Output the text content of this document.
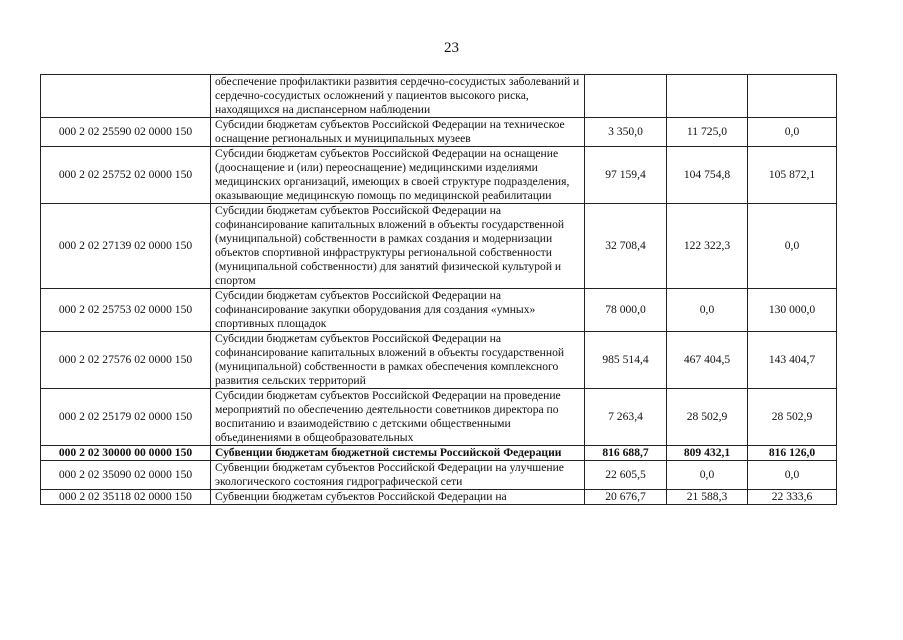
23
	обеспечение профилактики развития сердечно-сосудистых заболеваний и сердечно-сосудистых осложнений у пациентов высокого риска, находящихся на диспансерном наблюдении			
000 2 02 25590 02 0000 150	Субсидии бюджетам субъектов Российской Федерации на техническое оснащение региональных и муниципальных музеев	3 350,0	11 725,0	0,0
000 2 02 25752 02 0000 150	Субсидии бюджетам субъектов Российской Федерации на оснащение (дооснащение и (или) переоснащение) медицинскими изделиями медицинских организаций, имеющих в своей структуре подразделения, оказывающие медицинскую помощь по медицинской реабилитации	97 159,4	104 754,8	105 872,1
000 2 02 27139 02 0000 150	Субсидии бюджетам субъектов Российской Федерации на софинансирование капитальных вложений в объекты государственной (муниципальной) собственности в рамках создания и модернизации объектов спортивной инфраструктуры региональной собственности (муниципальной собственности) для занятий физической культурой и спортом	32 708,4	122 322,3	0,0
000 2 02 25753 02 0000 150	Субсидии бюджетам субъектов Российской Федерации на софинансирование закупки оборудования для создания «умных» спортивных площадок	78 000,0	0,0	130 000,0
000 2 02 27576 02 0000 150	Субсидии бюджетам субъектов Российской Федерации на софинансирование капитальных вложений в объекты государственной (муниципальной) собственности в рамках обеспечения комплексного развития сельских территорий	985 514,4	467 404,5	143 404,7
000 2 02 25179 02 0000 150	Субсидии бюджетам субъектов Российской Федерации на проведение мероприятий по обеспечению деятельности советников директора по воспитанию и взаимодействию с детскими общественными объединениями в общеобразовательных	7 263,4	28 502,9	28 502,9
000 2 02 30000 00 0000 150	Субвенции бюджетам бюджетной системы Российской Федерации	816 688,7	809 432,1	816 126,0
000 2 02 35090 02 0000 150	Субвенции бюджетам субъектов Российской Федерации на улучшение экологического состояния гидрографической сети	22 605,5	0,0	0,0
000 2 02 35118 02 0000 150	Субвенции бюджетам субъектов Российской Федерации на	20 676,7	21 588,3	22 333,6
